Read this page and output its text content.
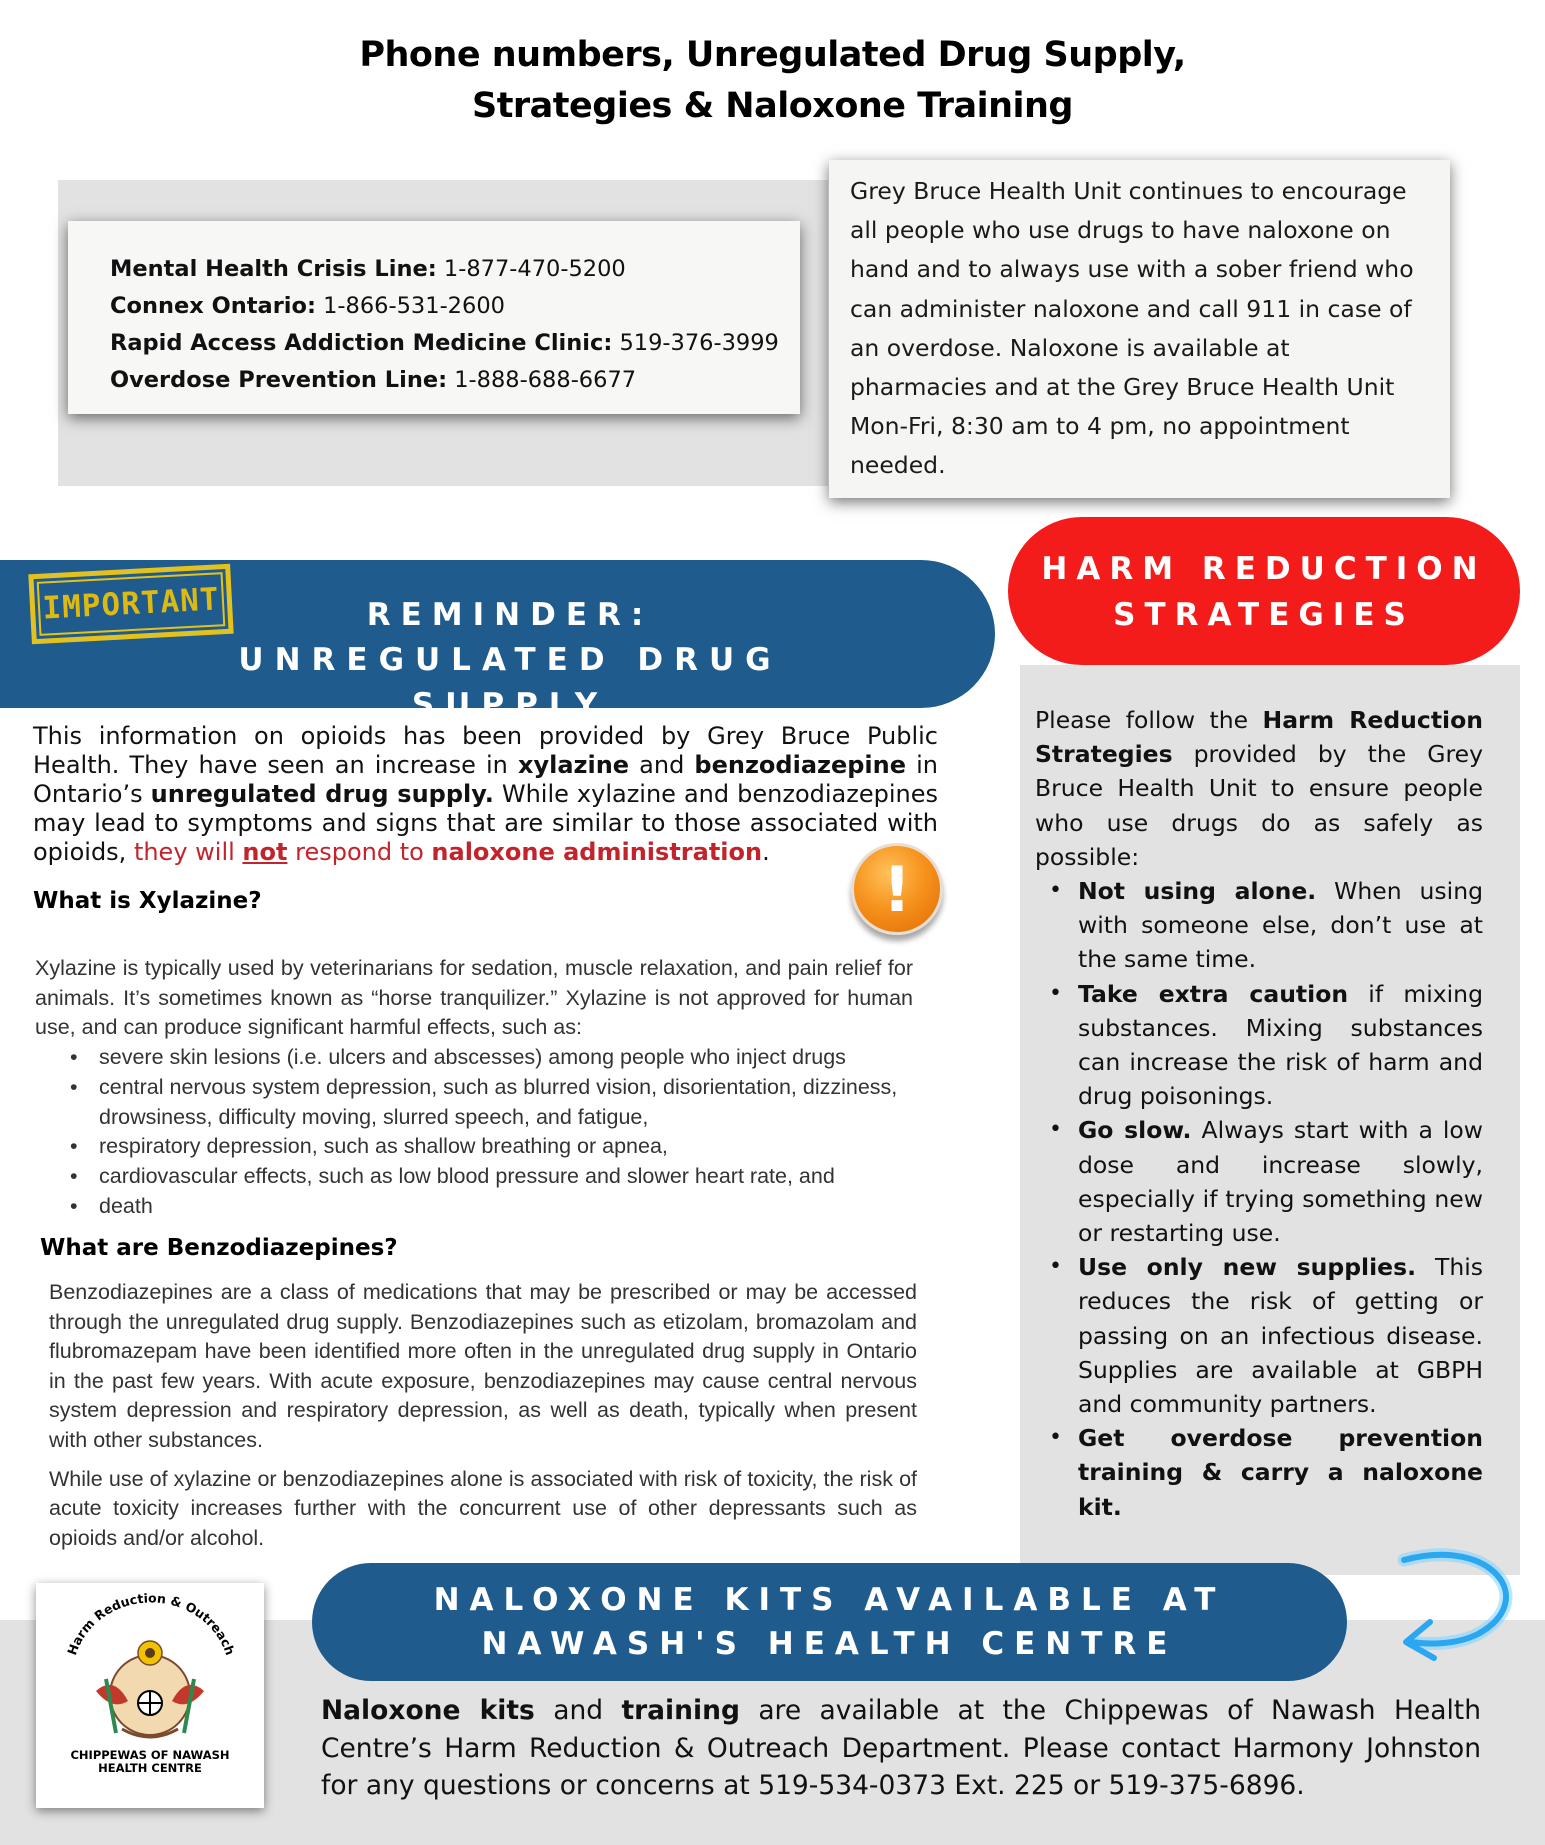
Phone numbers, Unregulated Drug Supply,
Strategies & Naloxone Training
Mental Health Crisis Line: 1-877-470-5200
Connex Ontario: 1-866-531-2600
Rapid Access Addiction Medicine Clinic: 519-376-3999
Overdose Prevention Line: 1-888-688-6677
Grey Bruce Health Unit continues to encourage all people who use drugs to have naloxone on hand and to always use with a sober friend who can administer naloxone and call 911 in case of an overdose. Naloxone is available at pharmacies and at the Grey Bruce Health Unit Mon-Fri, 8:30 am to 4 pm, no appointment needed.
REMINDER:
UNREGULATED DRUG SUPPLY
IMPORTANT
HARM REDUCTION
STRATEGIES

Please follow the Harm Reduction Strategies provided by the Grey Bruce Health Unit to ensure people who use drugs do as safely as possible:

• Not using alone. When using with someone else, don’t use at the same time.
• Take extra caution if mixing substances. Mixing substances can increase the risk of harm and drug poisonings.
• Go slow. Always start with a low dose and increase slowly, especially if trying something new or restarting use.
• Use only new supplies. This reduces the risk of getting or passing on an infectious disease. Supplies are available at GBPH and community partners.
• Get overdose prevention training & carry a naloxone kit.
This information on opioids has been provided by Grey Bruce Public Health. They have seen an increase in xylazine and benzodiazepine in Ontario’s unregulated drug supply. While xylazine and benzodiazepines may lead to symptoms and signs that are similar to those associated with opioids, they will not respond to naloxone administration.
!
What is Xylazine?

Xylazine is typically used by veterinarians for sedation, muscle relaxation, and pain relief for animals. It’s sometimes known as “horse tranquilizer.” Xylazine is not approved for human use, and can produce significant harmful effects, such as:

• severe skin lesions (i.e. ulcers and abscesses) among people who inject drugs
• central nervous system depression, such as blurred vision, disorientation, dizziness, drowsiness, difficulty moving, slurred speech, and fatigue,
• respiratory depression, such as shallow breathing or apnea,
• cardiovascular effects, such as low blood pressure and slower heart rate, and
• death
What are Benzodiazepines?

Benzodiazepines are a class of medications that may be prescribed or may be accessed through the unregulated drug supply. Benzodiazepines such as etizolam, bromazolam and flubromazepam have been identified more often in the unregulated drug supply in Ontario in the past few years. With acute exposure, benzodiazepines may cause central nervous system depression and respiratory depression, as well as death, typically when present with other substances.

While use of xylazine or benzodiazepines alone is associated with risk of toxicity, the risk of acute toxicity increases further with the concurrent use of other depressants such as opioids and/or alcohol.

Harm Reduction & Outreach
CHIPPEWAS OF NAWASH
HEALTH CENTRE
NALOXONE KITS AVAILABLE AT
NAWASH'S HEALTH CENTRE
Naloxone kits and training are available at the Chippewas of Nawash Health Centre’s Harm Reduction & Outreach Department. Please contact Harmony Johnston for any questions or concerns at 519-534-0373 Ext. 225 or 519-375-6896.
